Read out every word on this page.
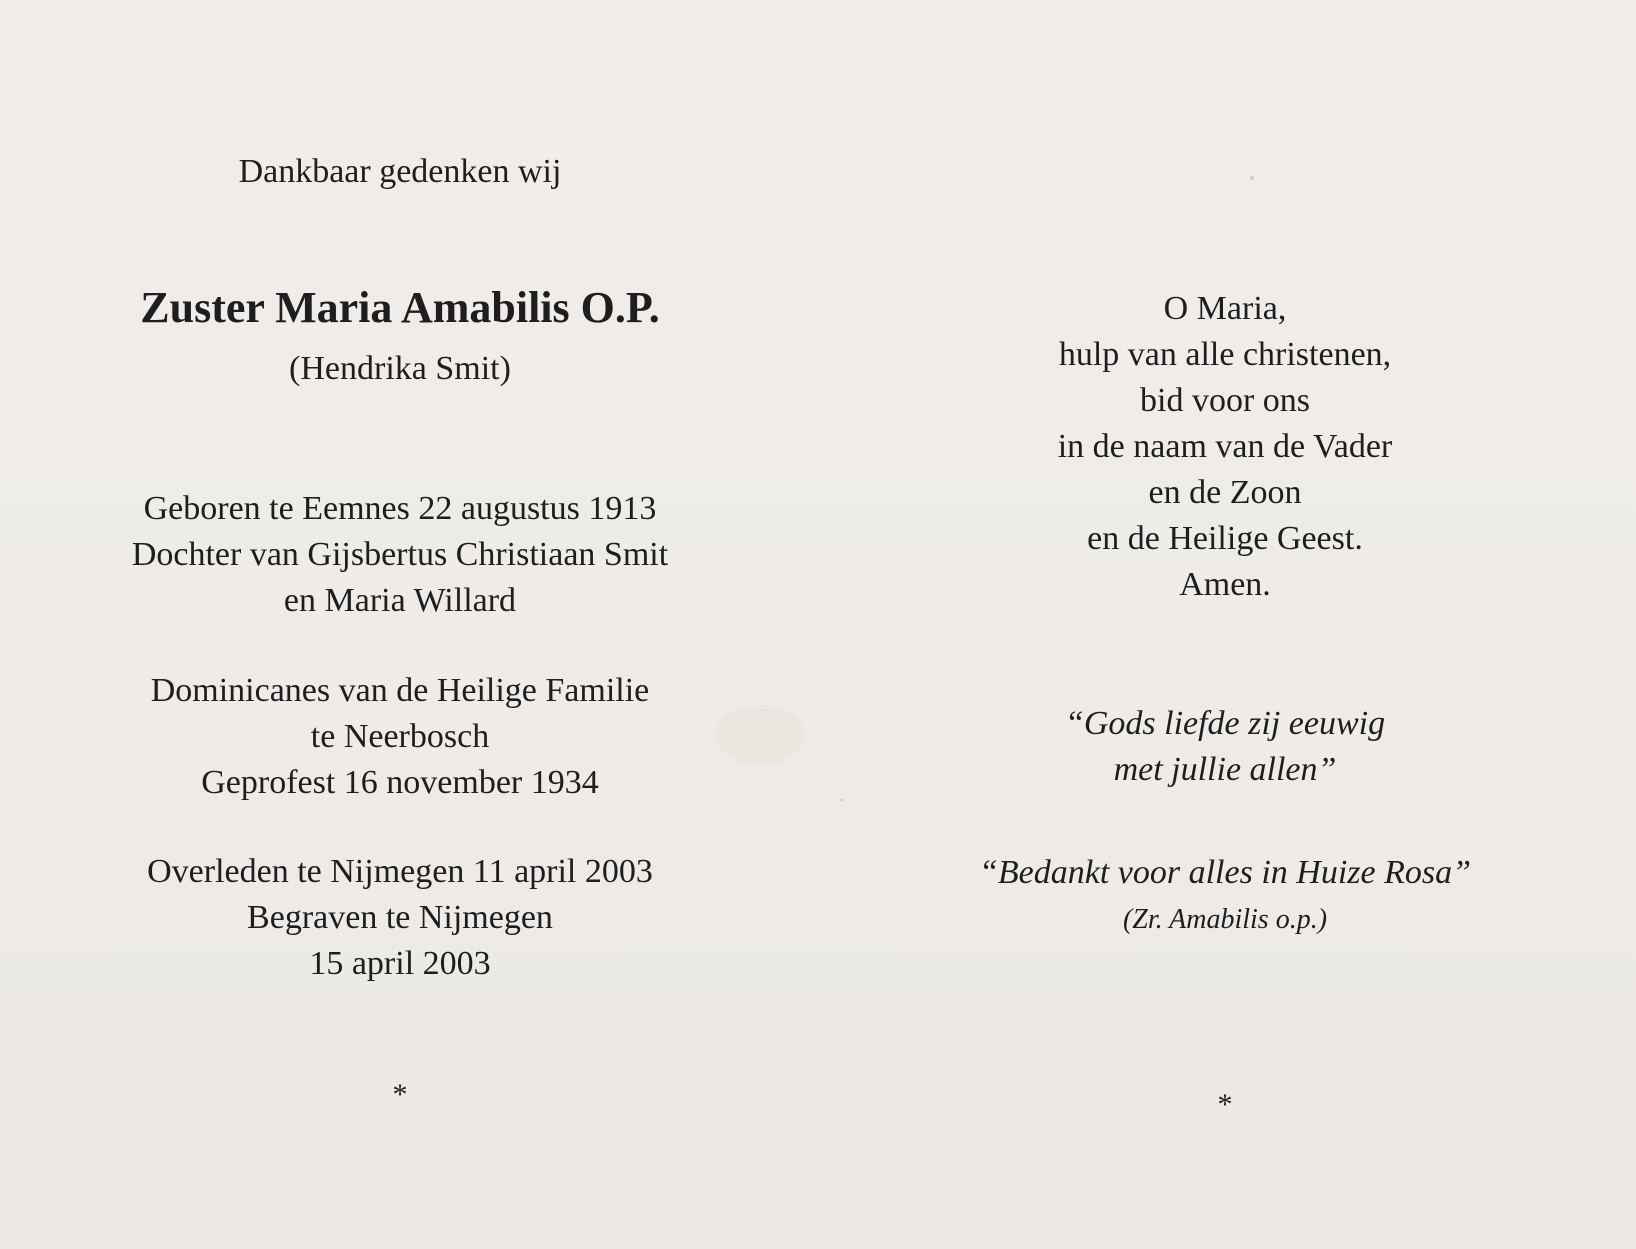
Dankbaar gedenken wij
Zuster Maria Amabilis O.P.
(Hendrika Smit)
Geboren te Eemnes 22 augustus 1913
Dochter van Gijsbertus Christiaan Smit
en Maria Willard
Dominicanes van de Heilige Familie
te Neerbosch
Geprofest 16 november 1934
Overleden te Nijmegen 11 april 2003
Begraven te Nijmegen
15 april 2003
*
O Maria,
hulp van alle christenen,
bid voor ons
in de naam van de Vader
en de Zoon
en de Heilige Geest.
Amen.
“Gods liefde zij eeuwig
met jullie allen”
“Bedankt voor alles in Huize Rosa”
(Zr. Amabilis o.p.)
*
